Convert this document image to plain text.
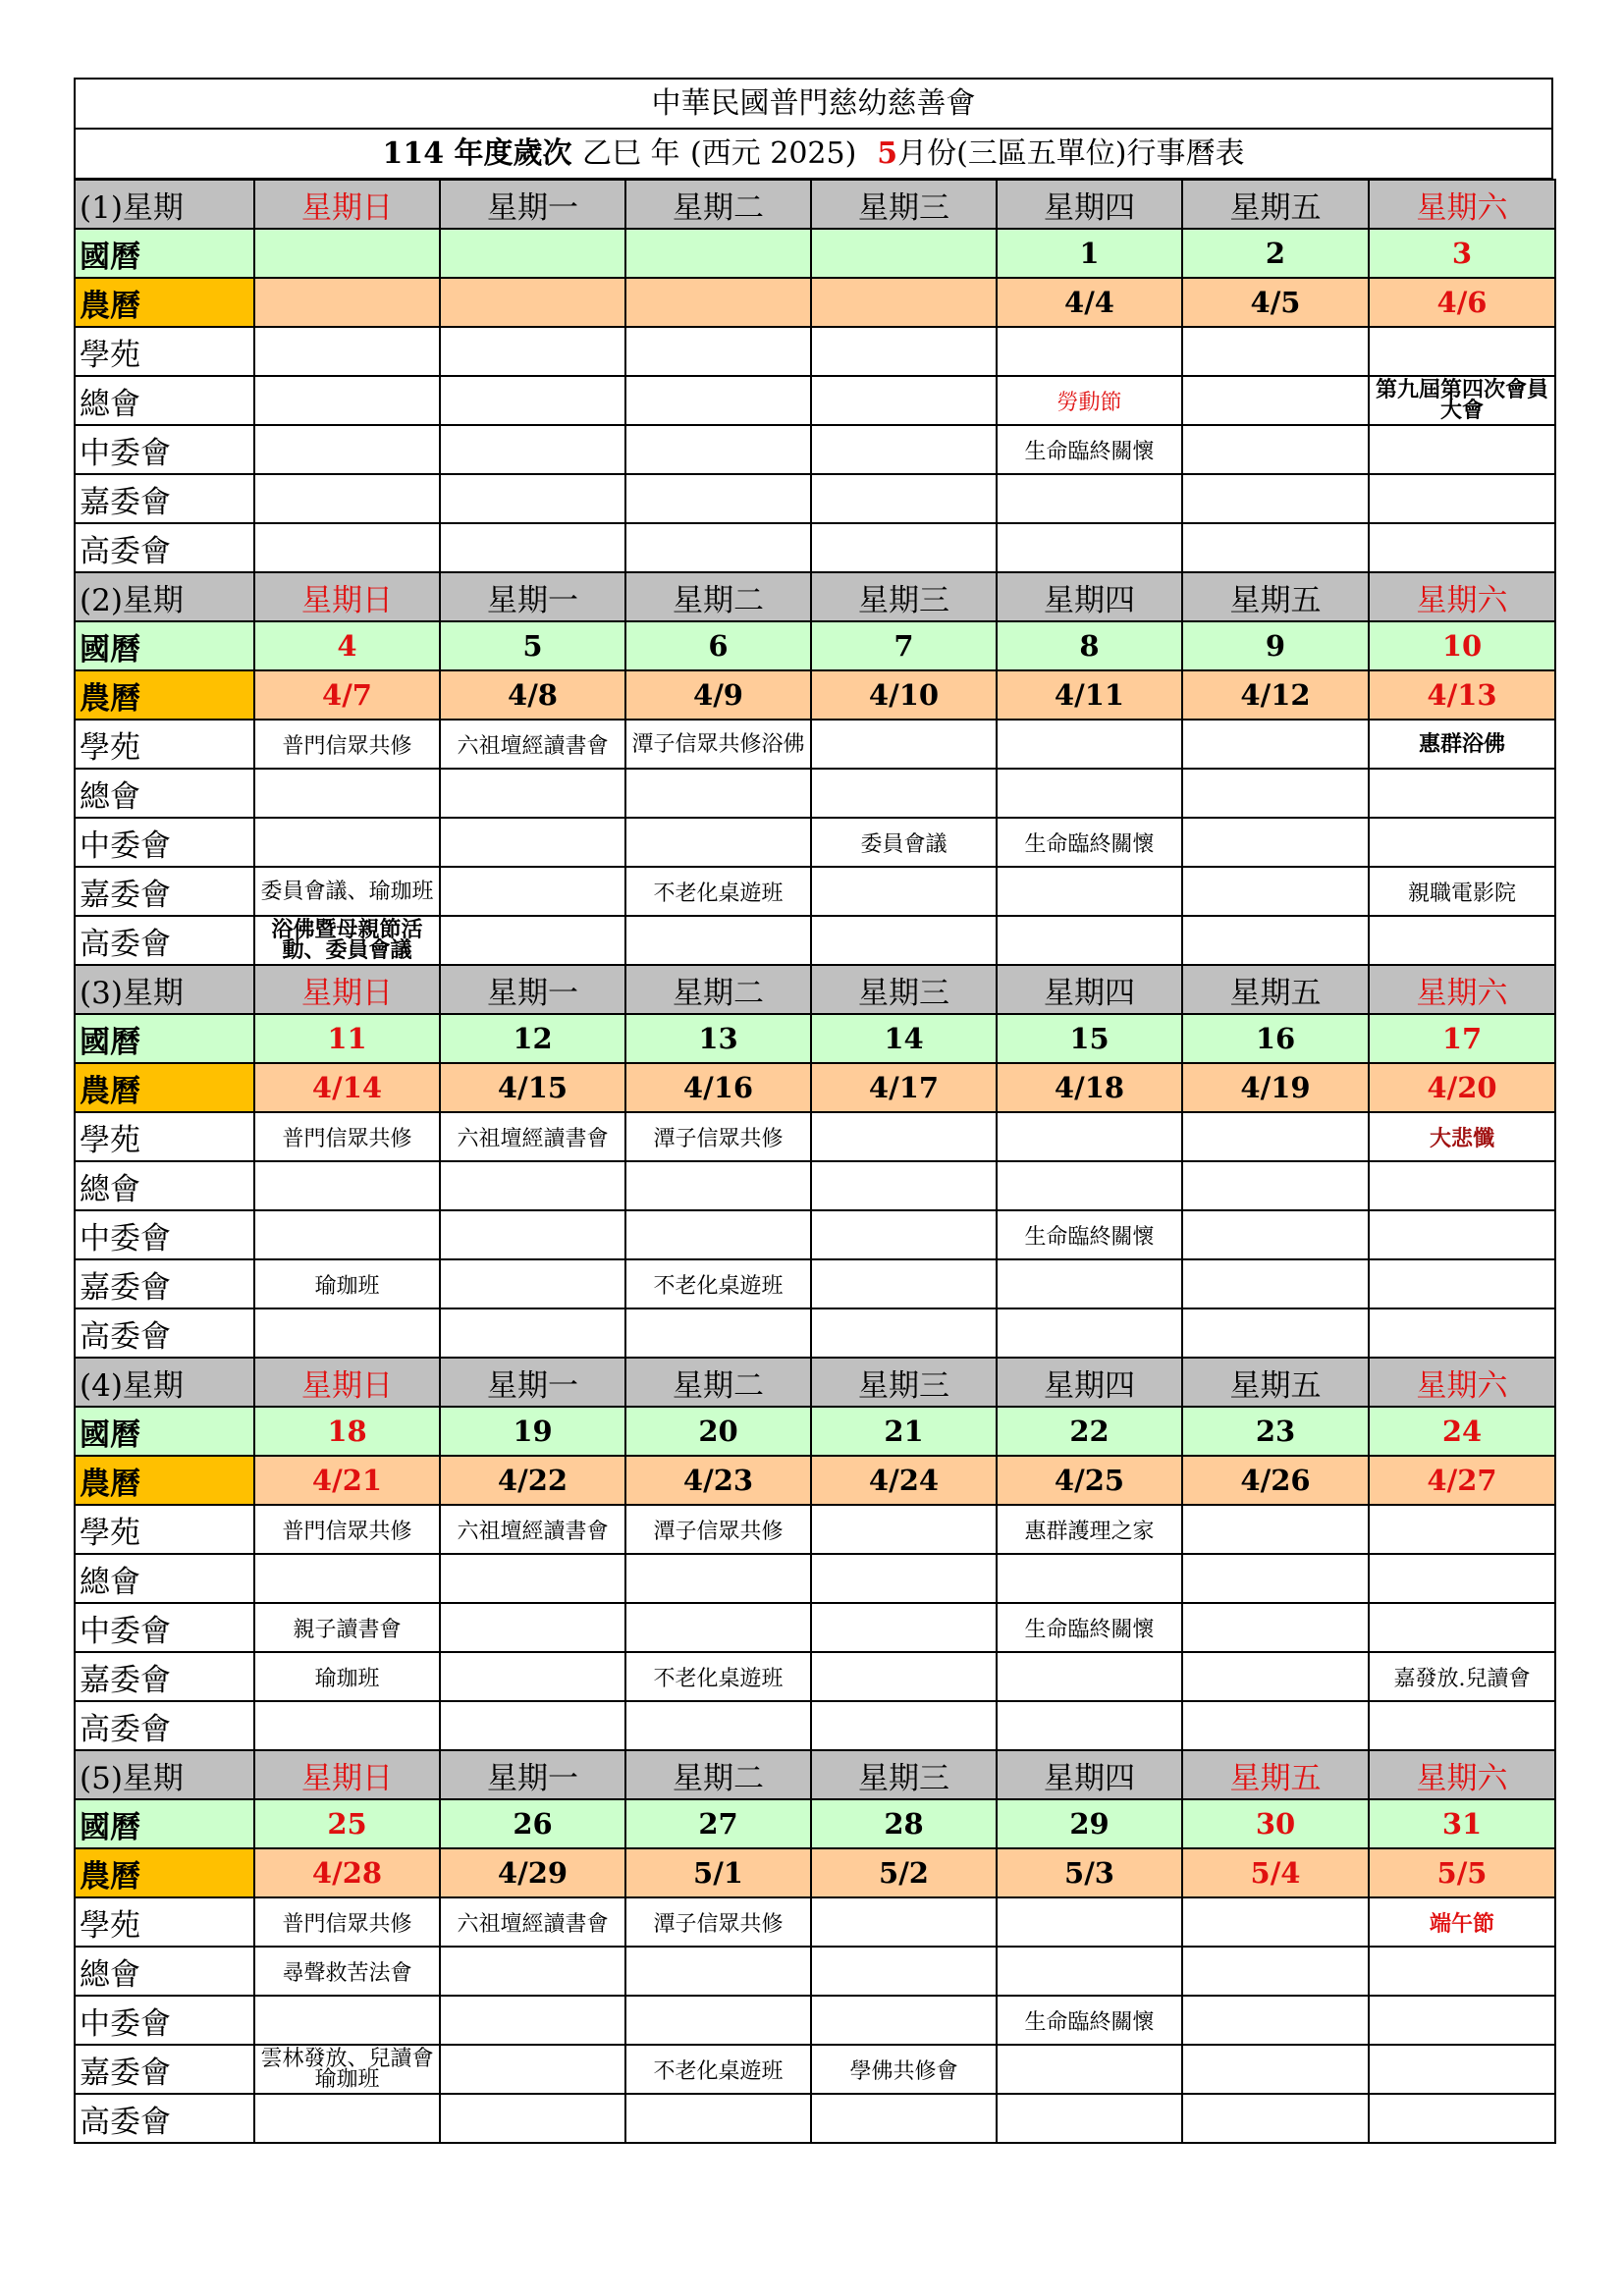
中華民國普門慈幼慈善會
114 年度歲次 乙巳 年 (西元 2025) 5月份(三區五單位)行事曆表
(1)星期	星期日	星期一	星期二	星期三	星期四	星期五	星期六
國曆					1	2	3
農曆					4/4	4/5	4/6
學苑							
總會					勞動節		第九屆第四次會員大會
中委會					生命臨終關懷		
嘉委會							
高委會							
(2)星期	星期日	星期一	星期二	星期三	星期四	星期五	星期六
國曆	4	5	6	7	8	9	10
農曆	4/7	4/8	4/9	4/10	4/11	4/12	4/13
學苑	普門信眾共修	六祖壇經讀書會	潭子信眾共修浴佛				惠群浴佛
總會							
中委會				委員會議	生命臨終關懷		
嘉委會	委員會議、瑜珈班		不老化桌遊班				親職電影院
高委會	浴佛暨母親節活動、委員會議						
(3)星期	星期日	星期一	星期二	星期三	星期四	星期五	星期六
國曆	11	12	13	14	15	16	17
農曆	4/14	4/15	4/16	4/17	4/18	4/19	4/20
學苑	普門信眾共修	六祖壇經讀書會	潭子信眾共修				大悲懺
總會							
中委會					生命臨終關懷		
嘉委會	瑜珈班		不老化桌遊班				
高委會							
(4)星期	星期日	星期一	星期二	星期三	星期四	星期五	星期六
國曆	18	19	20	21	22	23	24
農曆	4/21	4/22	4/23	4/24	4/25	4/26	4/27
學苑	普門信眾共修	六祖壇經讀書會	潭子信眾共修		惠群護理之家		
總會							
中委會	親子讀書會				生命臨終關懷		
嘉委會	瑜珈班		不老化桌遊班				嘉發放.兒讀會
高委會							
(5)星期	星期日	星期一	星期二	星期三	星期四	星期五	星期六
國曆	25	26	27	28	29	30	31
農曆	4/28	4/29	5/1	5/2	5/3	5/4	5/5
學苑	普門信眾共修	六祖壇經讀書會	潭子信眾共修				端午節
總會	尋聲救苦法會						
中委會					生命臨終關懷		
嘉委會	雲林發放、兒讀會瑜珈班		不老化桌遊班	學佛共修會			
高委會							
